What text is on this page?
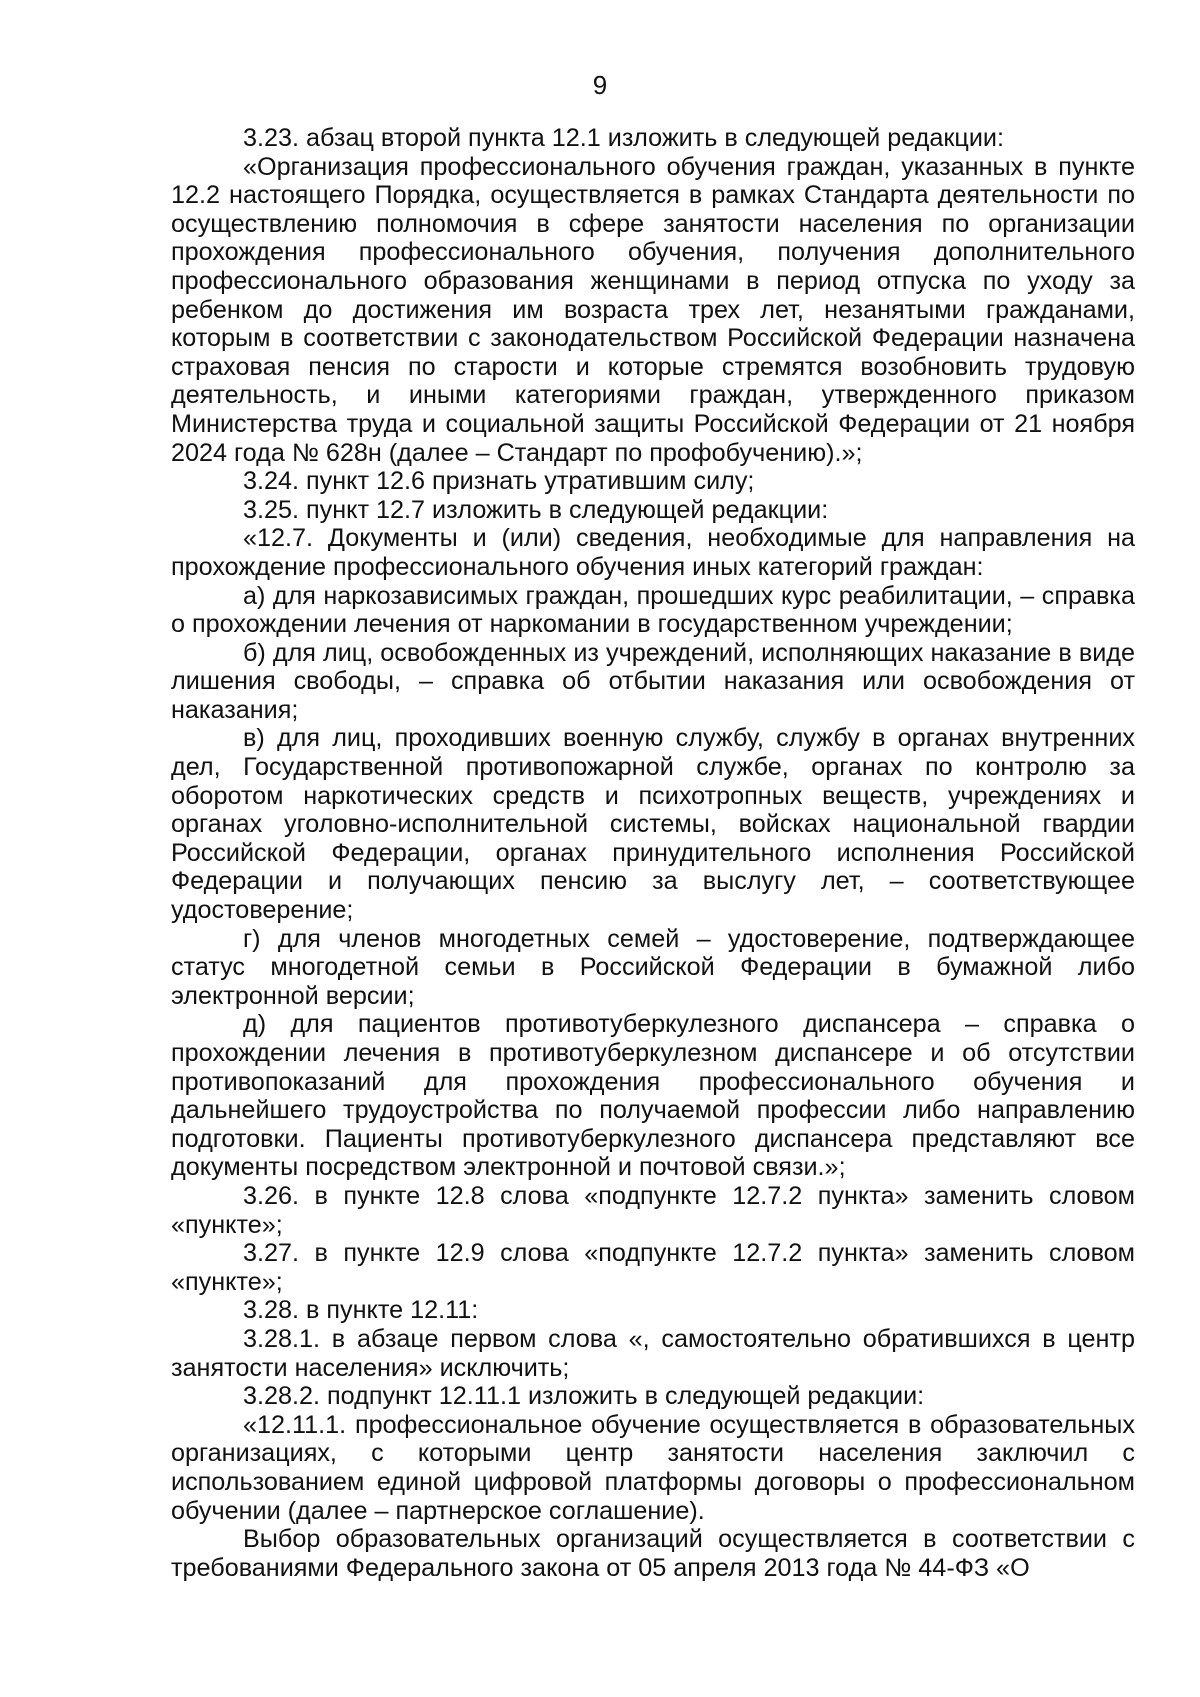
9

3.23. абзац второй пункта 12.1 изложить в следующей редакции:

«Организация профессионального обучения граждан, указанных в пункте 12.2 настоящего Порядка, осуществляется в рамках Стандарта деятельности по осуществлению полномочия в сфере занятости населения по организации прохождения профессионального обучения, получения дополнительного профессионального образования женщинами в период отпуска по уходу за ребенком до достижения им возраста трех лет, незанятыми гражданами, которым в соответствии с законодательством Российской Федерации назначена страховая пенсия по старости и которые стремятся возобновить трудовую деятельность, и иными категориями граждан, утвержденного приказом Министерства труда и социальной защиты Российской Федерации от 21 ноября 2024 года № 628н (далее – Стандарт по профобучению).»;

3.24. пункт 12.6 признать утратившим силу;

3.25. пункт 12.7 изложить в следующей редакции:

«12.7. Документы и (или) сведения, необходимые для направления на прохождение профессионального обучения иных категорий граждан:

а) для наркозависимых граждан, прошедших курс реабилитации, – справка о прохождении лечения от наркомании в государственном учреждении;

б) для лиц, освобожденных из учреждений, исполняющих наказание в виде лишения свободы, – справка об отбытии наказания или освобождения от наказания;

в) для лиц, проходивших военную службу, службу в органах внутренних дел, Государственной противопожарной службе, органах по контролю за оборотом наркотических средств и психотропных веществ, учреждениях и органах уголовно-исполнительной системы, войсках национальной гвардии Российской Федерации, органах принудительного исполнения Российской Федерации и получающих пенсию за выслугу лет, – соответствующее удостоверение;

г) для членов многодетных семей – удостоверение, подтверждающее статус многодетной семьи в Российской Федерации в бумажной либо электронной версии;

д) для пациентов противотуберкулезного диспансера – справка о прохождении лечения в противотуберкулезном диспансере и об отсутствии противопоказаний для прохождения профессионального обучения и дальнейшего трудоустройства по получаемой профессии либо направлению подготовки. Пациенты противотуберкулезного диспансера представляют все документы посредством электронной и почтовой связи.»;

3.26. в пункте 12.8 слова «подпункте 12.7.2 пункта» заменить словом «пункте»;

3.27. в пункте 12.9 слова «подпункте 12.7.2 пункта» заменить словом «пункте»;

3.28. в пункте 12.11:

3.28.1. в абзаце первом слова «, самостоятельно обратившихся в центр занятости населения» исключить;

3.28.2. подпункт 12.11.1 изложить в следующей редакции:

«12.11.1. профессиональное обучение осуществляется в образовательных организациях, с которыми центр занятости населения заключил с использованием единой цифровой платформы договоры о профессиональном обучении (далее – партнерское соглашение).

Выбор образовательных организаций осуществляется в соответствии с требованиями Федерального закона от 05 апреля 2013 года № 44-ФЗ «О
